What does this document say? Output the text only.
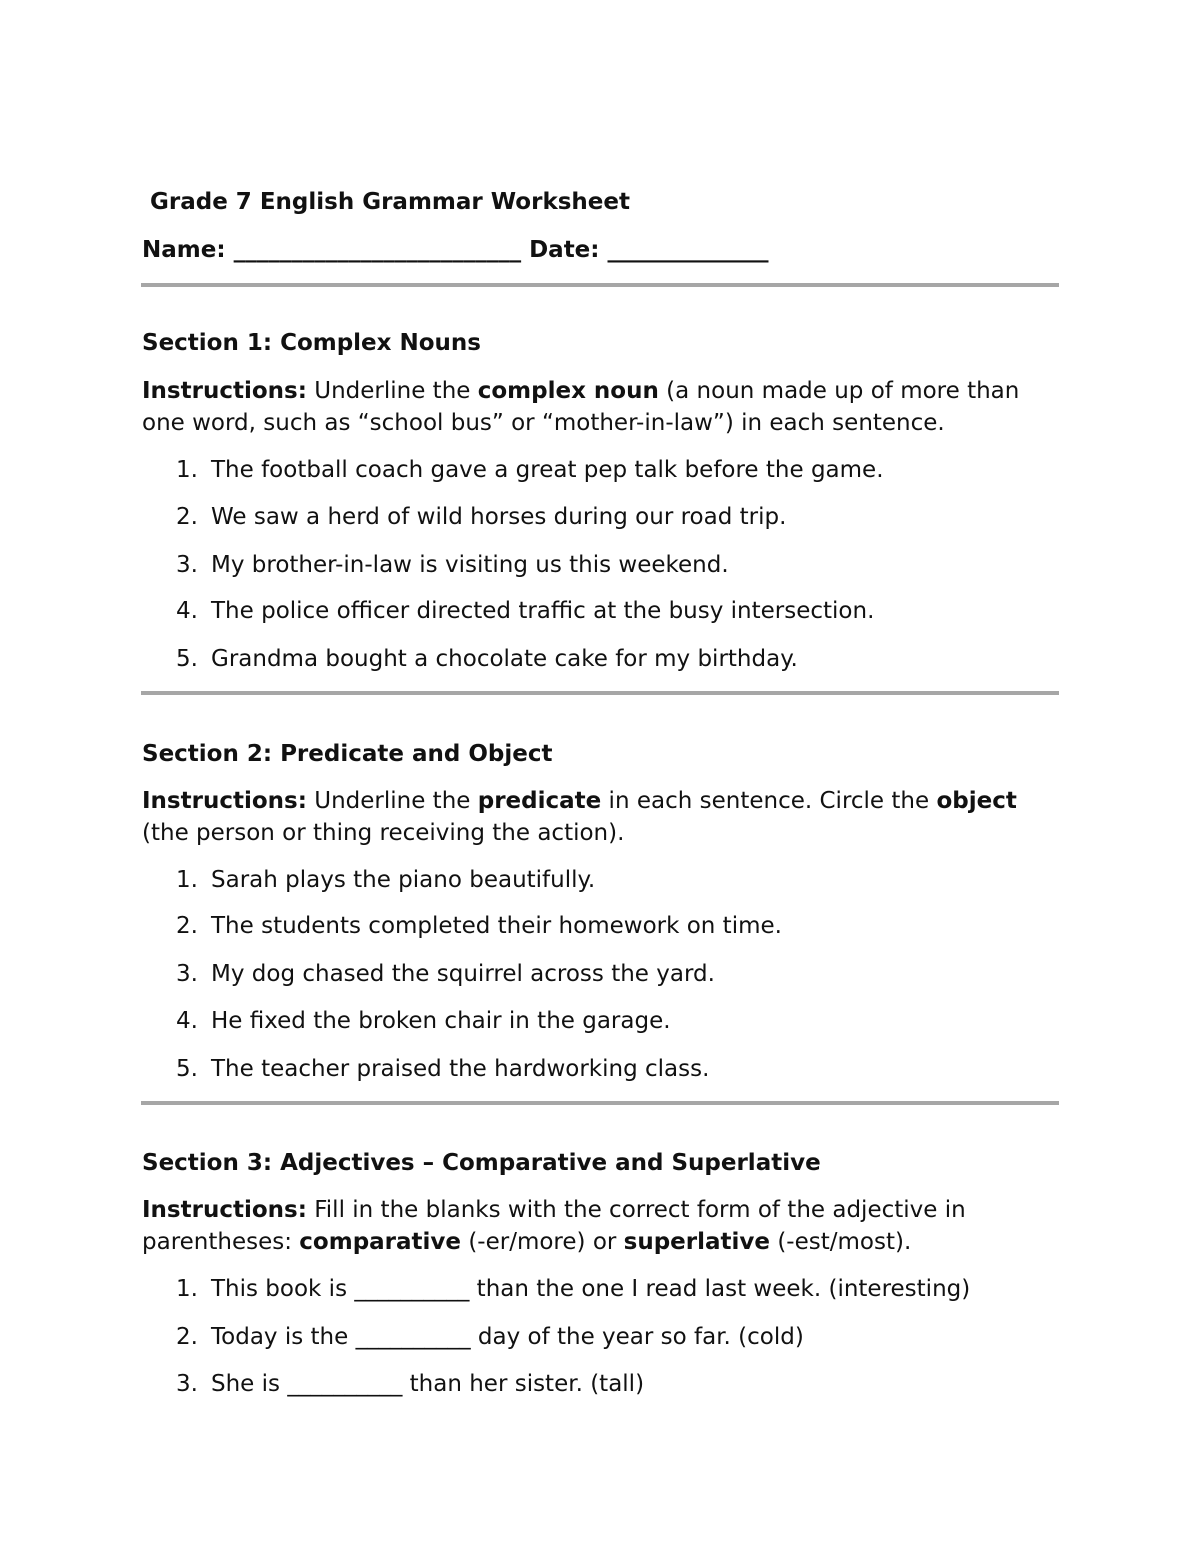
Grade 7 English Grammar Worksheet
Name: _________________________ Date: ______________
Section 1: Complex Nouns
Instructions: Underline the complex noun (a noun made up of more than one word, such as “school bus” or “mother-in-law”) in each sentence.
1. The football coach gave a great pep talk before the game.
2. We saw a herd of wild horses during our road trip.
3. My brother-in-law is visiting us this weekend.
4. The police officer directed traffic at the busy intersection.
5. Grandma bought a chocolate cake for my birthday.
Section 2: Predicate and Object
Instructions: Underline the predicate in each sentence. Circle the object (the person or thing receiving the action).
1. Sarah plays the piano beautifully.
2. The students completed their homework on time.
3. My dog chased the squirrel across the yard.
4. He fixed the broken chair in the garage.
5. The teacher praised the hardworking class.
Section 3: Adjectives – Comparative and Superlative
Instructions: Fill in the blanks with the correct form of the adjective in parentheses: comparative (-er/more) or superlative (-est/most).
1. This book is __________ than the one I read last week. (interesting)
2. Today is the __________ day of the year so far. (cold)
3. She is __________ than her sister. (tall)
